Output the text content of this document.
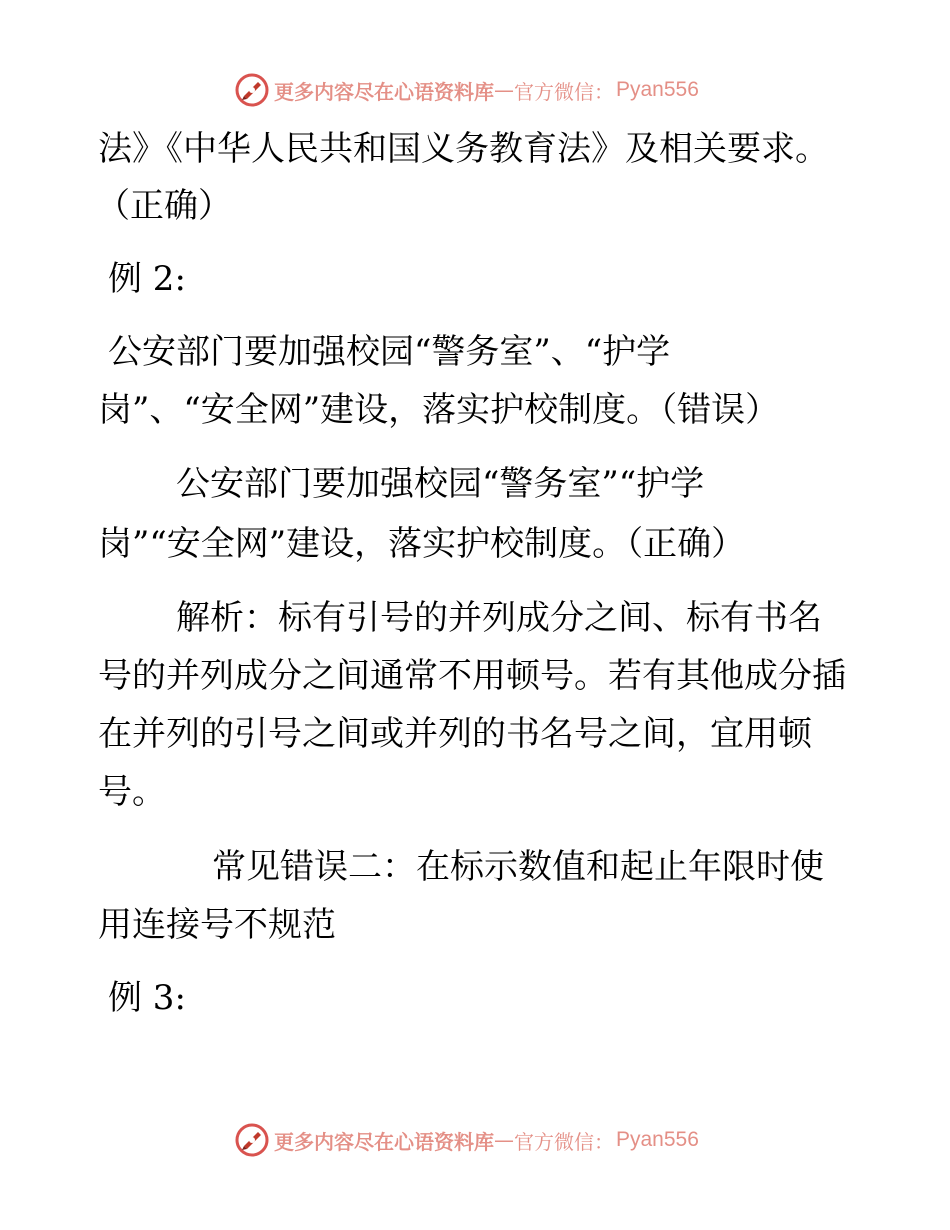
更多内容尽在心语资料库 — 官方微信： Pyan556
法》《中华人民共和国义务教育法》及相关要求。
（正确）
例 2:
公安部门要加强校园“警务室”、“护学
岗”、“安全网”建设，落实护校制度。（错误）
公安部门要加强校园“警务室”“护学
岗”“安全网”建设，落实护校制度。（正确）
解析：标有引号的并列成分之间、标有书名
号的并列成分之间通常不用顿号。若有其他成分插
在并列的引号之间或并列的书名号之间，宜用顿
号。
常见错误二：在标示数值和起止年限时使
用连接号不规范
例 3:
更多内容尽在心语资料库 — 官方微信： Pyan556
